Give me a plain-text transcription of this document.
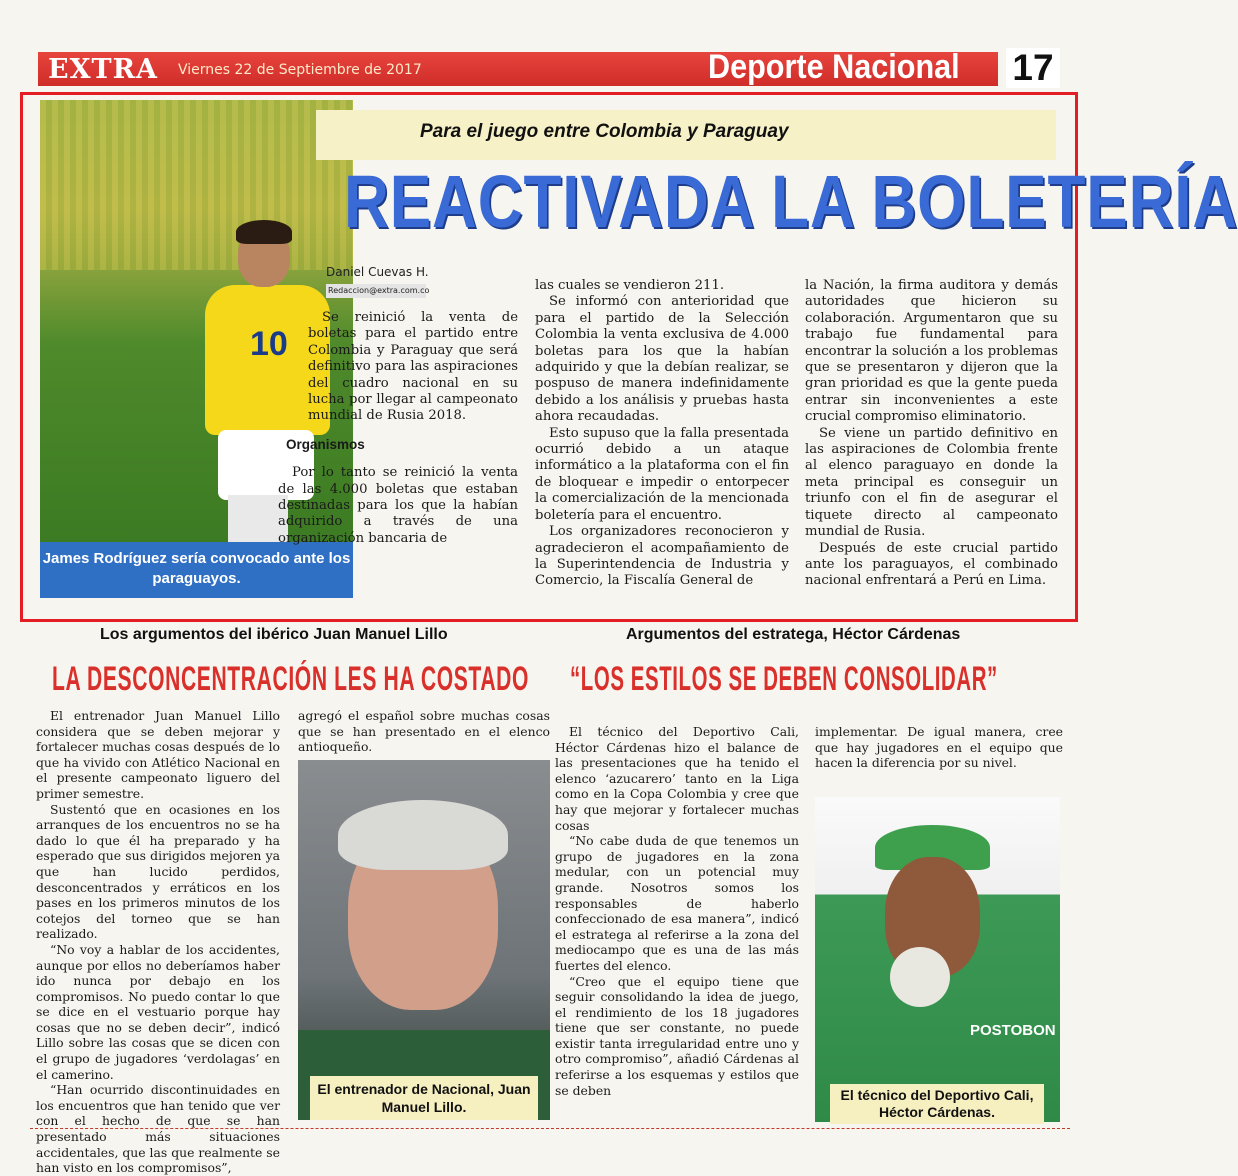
EXTRA Viernes 22 de Septiembre de 2017	Deporte Nacional 17
10
James Rodríguez sería convocado ante los paraguayos.
Para el juego entre Colombia y Paraguay
REACTIVADA LA BOLETERÍA
Daniel Cuevas H.
Redaccion@extra.com.co

Se reinició la venta de boletas para el partido entre Colombia y Paraguay que será definitivo para las aspiraciones del cuadro nacional en su lucha por llegar al campeonato mundial de Rusia 2018.

Organismos

Por lo tanto se reinició la venta de las 4.000 boletas que estaban destinadas para los que la habían adquirido a través de una organización bancaria de

las cuales se vendieron 211.

Se informó con anterioridad que para el partido de la Selección Colombia la venta exclusiva de 4.000 boletas para los que la habían adquirido y que la debían realizar, se pospuso de manera indefinidamente debido a los análisis y pruebas hasta ahora recaudadas.

Esto supuso que la falla presentada ocurrió debido a un ataque informático a la plataforma con el fin de bloquear e impedir o entorpecer la comercialización de la mencionada boletería para el encuentro.

Los organizadores reconocieron y agradecieron el acompañamiento de la Superintendencia de Industria y Comercio, la Fiscalía General de

la Nación, la firma auditora y demás autoridades que hicieron su colaboración. Argumentaron que su trabajo fue fundamental para encontrar la solución a los problemas que se presentaron y dijeron que la gran prioridad es que la gente pueda entrar sin inconvenientes a este crucial compromiso eliminatorio.

Se viene un partido definitivo en las aspiraciones de Colombia frente al elenco paraguayo en donde la meta principal es conseguir un triunfo con el fin de asegurar el tiquete directo al campeonato mundial de Rusia.

Después de este crucial partido ante los paraguayos, el combinado nacional enfrentará a Perú en Lima.

Los argumentos del ibérico Juan Manuel Lillo
LA DESCONCENTRACIÓN LES HA COSTADO

El entrenador Juan Manuel Lillo considera que se deben mejorar y fortalecer muchas cosas después de lo que ha vivido con Atlético Nacional en el presente campeonato liguero del primer semestre.

Sustentó que en ocasiones en los arranques de los encuentros no se ha dado lo que él ha preparado y ha esperado que sus dirigidos mejoren ya que han lucido perdidos, desconcentrados y erráticos en los pases en los primeros minutos de los cotejos del torneo que se han realizado.

“No voy a hablar de los accidentes, aunque por ellos no deberíamos haber ido nunca por debajo en los compromisos. No puedo contar lo que se dice en el vestuario porque hay cosas que no se deben decir”, indicó Lillo sobre las cosas que se dicen con el grupo de jugadores ‘verdolagas’ en el camerino.

“Han ocurrido discontinuidades en los encuentros que han tenido que ver con el hecho de que se han presentado más situaciones accidentales, que las que realmente se han visto en los compromisos”,

agregó el español sobre muchas cosas que se han presentado en el elenco antioqueño.

El entrenador de Nacional, Juan Manuel Lillo.
Argumentos del estratega, Héctor Cárdenas
“LOS ESTILOS SE DEBEN CONSOLIDAR”

El técnico del Deportivo Cali, Héctor Cárdenas hizo el balance de las presentaciones que ha tenido el elenco ‘azucarero’ tanto en la Liga como en la Copa Colombia y cree que hay que mejorar y fortalecer muchas cosas

“No cabe duda de que tenemos un grupo de jugadores en la zona medular, con un potencial muy grande. Nosotros somos los responsables de haberlo confeccionado de esa manera”, indicó el estratega al referirse a la zona del mediocampo que es una de las más fuertes del elenco.

“Creo que el equipo tiene que seguir consolidando la idea de juego, el rendimiento de los 18 jugadores tiene que ser constante, no puede existir tanta irregularidad entre uno y otro compromiso”, añadió Cárdenas al referirse a los esquemas y estilos que se deben

implementar. De igual manera, cree que hay jugadores en el equipo que hacen la diferencia por su nivel.

POSTOBON
El técnico del Deportivo Cali, Héctor Cárdenas.
